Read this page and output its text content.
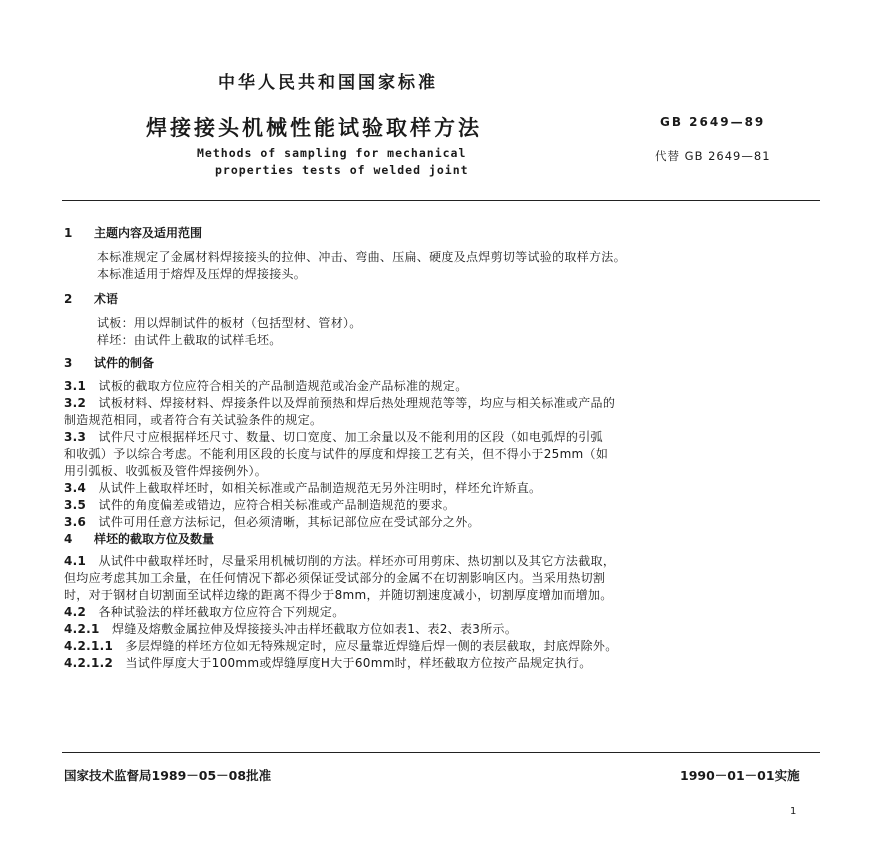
中华人民共和国国家标准
焊接接头机械性能试验取样方法
Methods of sampling for mechanical
properties tests of welded joint
GB 2649—89
代替 GB 2649—81
1 主题内容及适用范围
本标准规定了金属材料焊接接头的拉伸、冲击、弯曲、压扁、硬度及点焊剪切等试验的取样方法。
本标准适用于熔焊及压焊的焊接接头。
2 术语
试板：用以焊制试件的板材（包括型材、管材）。
样坯：由试件上截取的试样毛坯。
3 试件的制备
3.1 试板的截取方位应符合相关的产品制造规范或冶金产品标准的规定。
3.2 试板材料、焊接材料、焊接条件以及焊前预热和焊后热处理规范等等，均应与相关标准或产品的
制造规范相同，或者符合有关试验条件的规定。
3.3 试件尺寸应根据样坯尺寸、数量、切口宽度、加工余量以及不能利用的区段（如电弧焊的引弧
和收弧）予以综合考虑。不能利用区段的长度与试件的厚度和焊接工艺有关，但不得小于25mm（如
用引弧板、收弧板及管件焊接例外）。
3.4 从试件上截取样坯时，如相关标准或产品制造规范无另外注明时，样坯允许矫直。
3.5 试件的角度偏差或错边，应符合相关标准或产品制造规范的要求。
3.6 试件可用任意方法标记，但必须清晰，其标记部位应在受试部分之外。
4 样坯的截取方位及数量
4.1 从试件中截取样坯时，尽量采用机械切削的方法。样坯亦可用剪床、热切割以及其它方法截取，
但均应考虑其加工余量，在任何情况下都必须保证受试部分的金属不在切割影响区内。当采用热切割
时，对于钢材自切割面至试样边缘的距离不得少于8mm，并随切割速度减小，切割厚度增加而增加。
4.2 各种试验法的样坯截取方位应符合下列规定。
4.2.1 焊缝及熔敷金属拉伸及焊接接头冲击样坯截取方位如表1、表2、表3所示。
4.2.1.1 多层焊缝的样坯方位如无特殊规定时，应尽量靠近焊缝后焊一侧的表层截取，封底焊除外。
4.2.1.2 当试件厚度大于100mm或焊缝厚度H大于60mm时，样坯截取方位按产品规定执行。
国家技术监督局1989－05－08批准	1990－01－01实施
1
